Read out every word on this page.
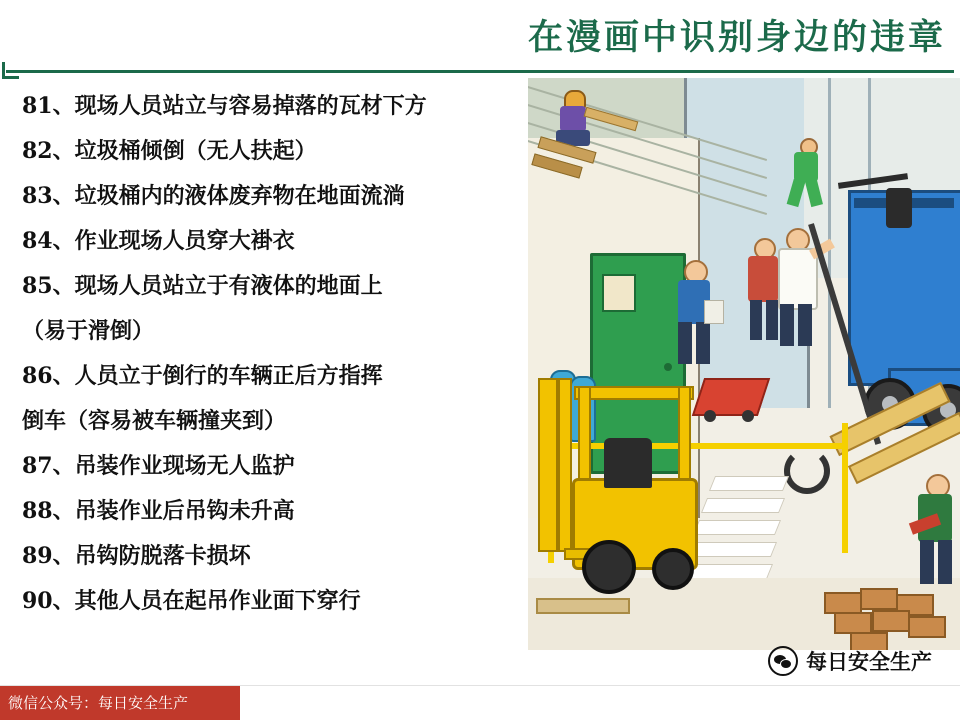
在漫画中识别身边的违章
81、现场人员站立与容易掉落的瓦材下方
82、垃圾桶倾倒（无人扶起）
83、垃圾桶内的液体废弃物在地面流淌
84、作业现场人员穿大褂衣
85、现场人员站立于有液体的地面上
（易于滑倒）
86、人员立于倒行的车辆正后方指挥
倒车（容易被车辆撞夹到）
87、吊装作业现场无人监护
88、吊装作业后吊钩未升高
89、吊钩防脱落卡损坏
90、其他人员在起吊作业面下穿行
每日安全生产
微信公众号：每日安全生产
